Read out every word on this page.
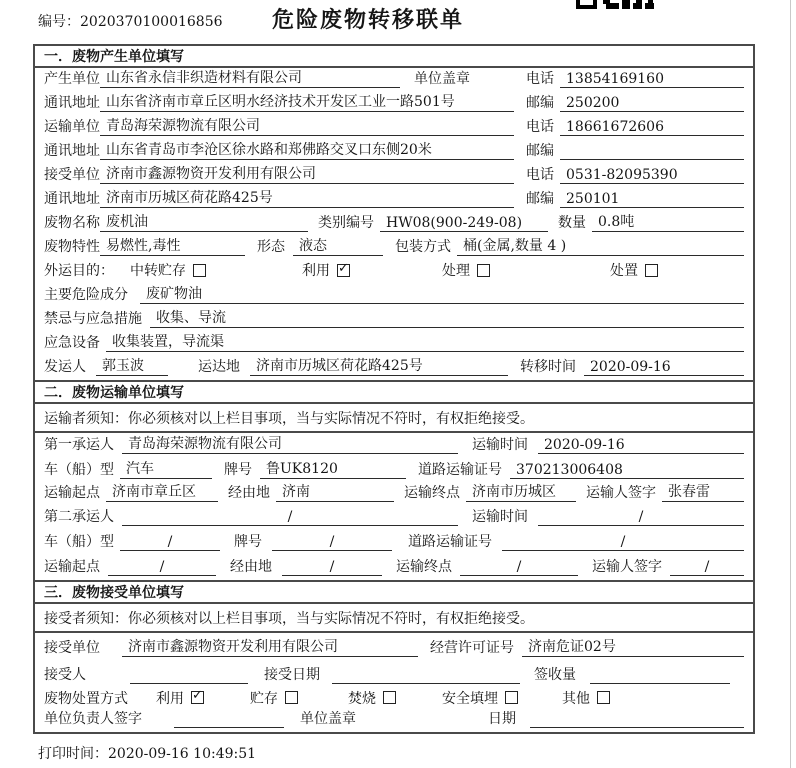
编号：2020370100016856	危险废物转移联单
一．废物产生单位填写
产生单位 山东省永信非织造材料有限公司	单位盖章	电话 13854169160
通讯地址 山东省济南市章丘区明水经济技术开发区工业一路501号	邮编 250200
运输单位 青岛海荣源物流有限公司	电话 18661672606
通讯地址 山东省青岛市李沧区徐水路和郑佛路交叉口东侧20米	邮编
接受单位 济南市鑫源物资开发利用有限公司	电话 0531-82095390
通讯地址 济南市历城区荷花路425号	邮编 250101
废物名称 废机油	类别编号 HW08(900-249-08)	数量 0.8吨
废物特性 易燃性,毒性	形态	液态	包装方式 桶(金属,数量 4 )
外运目的： 中转贮存	利用 ✓	处理	处置
主要危险成分	废矿物油
禁忌与应急措施	收集、导流
应急设备 收集装置，导流渠
发运人	郭玉波	运达地	济南市历城区荷花路425号	转移时间	2020-09-16
二．废物运输单位填写
运输者须知： 你必须核对以上栏目事项，当与实际情况不符时，有权拒绝接受。
第一承运人	青岛海荣源物流有限公司	运输时间	2020-09-16
车（船）型 汽车	牌号	鲁UK8120	道路运输证号	370213006408
运输起点 济南市章丘区	经由地 济南	运输终点 济南市历城区	运输人签字 张春雷
第二承运人	/	运输时间	/
车（船）型	/	牌号	/	道路运输证号	/
运输起点	/	经由地	/	运输终点	/	运输人签字	/
三．废物接受单位填写
接受者须知： 你必须核对以上栏目事项，当与实际情况不符时，有权拒绝接受。
接受单位	济南市鑫源物资开发利用有限公司	经营许可证号	济南危证02号
接受人	接受日期	签收量
废物处置方式 利用 ✓	贮存	焚烧	安全填埋	其他
单位负责人签字	单位盖章	日期
打印时间：2020-09-16 10:49:51
